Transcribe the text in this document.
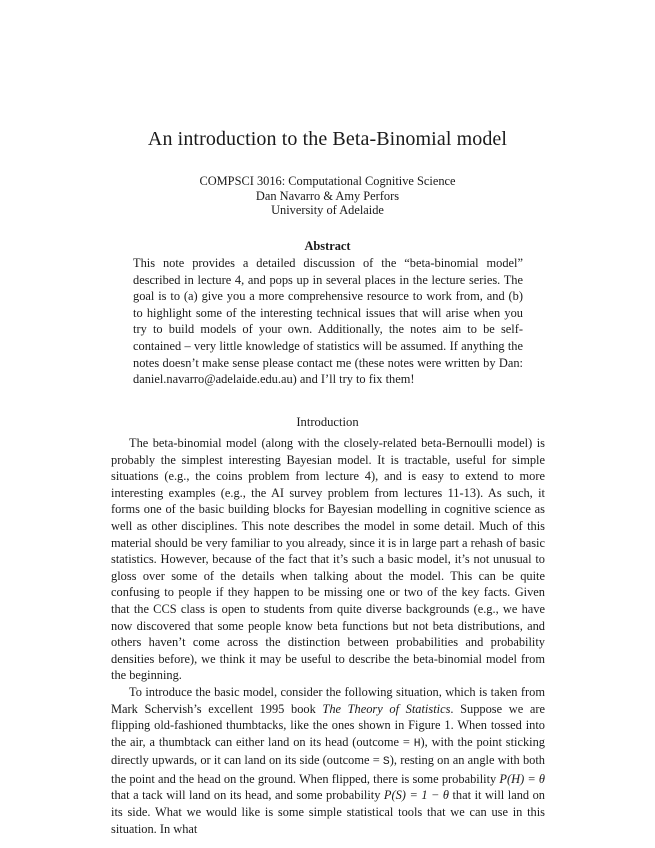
An introduction to the Beta-Binomial model
COMPSCI 3016: Computational Cognitive Science
Dan Navarro & Amy Perfors
University of Adelaide
Abstract
This note provides a detailed discussion of the “beta-binomial model” described in lecture 4, and pops up in several places in the lecture series. The goal is to (a) give you a more comprehensive resource to work from, and (b) to highlight some of the interesting technical issues that will arise when you try to build models of your own. Additionally, the notes aim to be self-contained – very little knowledge of statistics will be assumed. If anything the notes doesn’t make sense please contact me (these notes were written by Dan: daniel.navarro@adelaide.edu.au) and I’ll try to fix them!
Introduction

The beta-binomial model (along with the closely-related beta-Bernoulli model) is probably the simplest interesting Bayesian model. It is tractable, useful for simple situations (e.g., the coins problem from lecture 4), and is easy to extend to more interesting examples (e.g., the AI survey problem from lectures 11-13). As such, it forms one of the basic building blocks for Bayesian modelling in cognitive science as well as other disciplines. This note describes the model in some detail. Much of this material should be very familiar to you already, since it is in large part a rehash of basic statistics. However, because of the fact that it’s such a basic model, it’s not unusual to gloss over some of the details when talking about the model. This can be quite confusing to people if they happen to be missing one or two of the key facts. Given that the CCS class is open to students from quite diverse backgrounds (e.g., we have now discovered that some people know beta functions but not beta distributions, and others haven’t come across the distinction between probabilities and probability densities before), we think it may be useful to describe the beta-binomial model from the beginning.

To introduce the basic model, consider the following situation, which is taken from Mark Schervish’s excellent 1995 book The Theory of Statistics. Suppose we are flipping old-fashioned thumbtacks, like the ones shown in Figure 1. When tossed into the air, a thumbtack can either land on its head (outcome = H), with the point sticking directly upwards, or it can land on its side (outcome = S), resting on an angle with both the point and the head on the ground. When flipped, there is some probability P(H) = θ that a tack will land on its head, and some probability P(S) = 1 − θ that it will land on its side. What we would like is some simple statistical tools that we can use in this situation. In what
